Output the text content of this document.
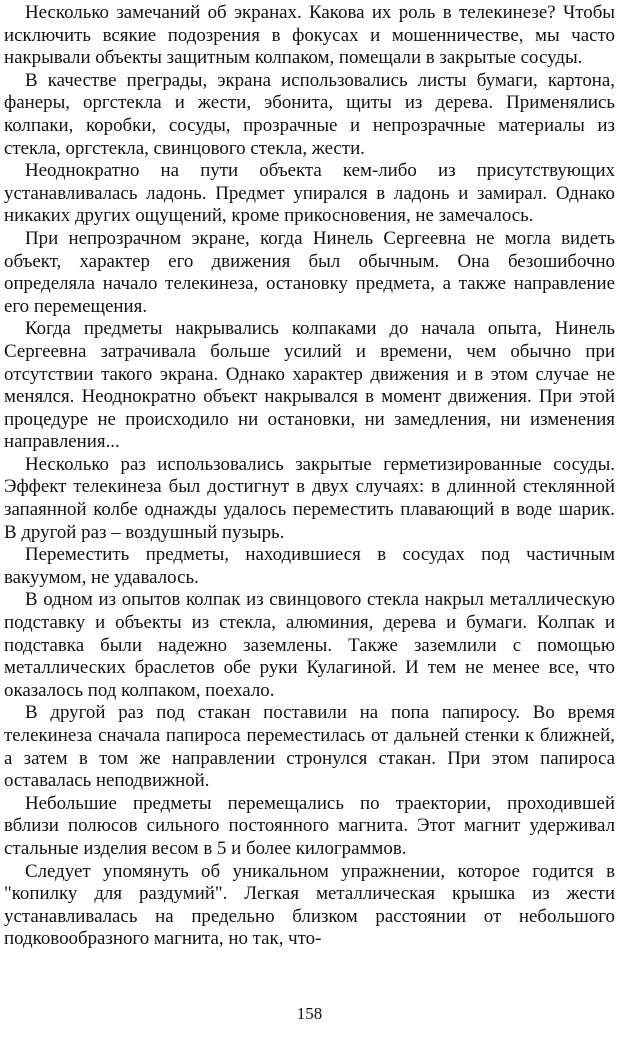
Несколько замечаний об экранах. Какова их роль в телекинезе? Чтобы исключить всякие подозрения в фокусах и мошенничестве, мы часто накрывали объекты защитным колпаком, помещали в закрытые сосуды.

В качестве преграды, экрана использовались листы бумаги, картона, фанеры, оргстекла и жести, эбонита, щиты из дерева. Применялись колпаки, коробки, сосуды, прозрачные и непрозрачные материалы из стекла, оргстекла, свинцового стекла, жести.

Неоднократно на пути объекта кем-либо из присутствующих устанавливалась ладонь. Предмет упирался в ладонь и замирал. Однако никаких других ощущений, кроме прикосновения, не замечалось.

При непрозрачном экране, когда Нинель Сергеевна не могла видеть объект, характер его движения был обычным. Она безошибочно определяла начало телекинеза, остановку предмета, а также направление его перемещения.

Когда предметы накрывались колпаками до начала опыта, Нинель Сергеевна затрачивала больше усилий и времени, чем обычно при отсутствии такого экрана. Однако характер движения и в этом случае не менялся. Неоднократно объект накрывался в момент движения. При этой процедуре не происходило ни остановки, ни замедления, ни изменения направления...

Несколько раз использовались закрытые герметизированные сосуды. Эффект телекинеза был достигнут в двух случаях: в длинной стеклянной запаянной колбе однажды удалось переместить плавающий в воде шарик. В другой раз – воздушный пузырь.

Переместить предметы, находившиеся в сосудах под частичным вакуумом, не удавалось.

В одном из опытов колпак из свинцового стекла накрыл металлическую подставку и объекты из стекла, алюминия, дерева и бумаги. Колпак и подставка были надежно заземлены. Также заземлили с помощью металлических браслетов обе руки Кулагиной. И тем не менее все, что оказалось под колпаком, поехало.

В другой раз под стакан поставили на попа папиросу. Во время телекинеза сначала папироса переместилась от дальней стенки к ближней, а затем в том же направлении стронулся стакан. При этом папироса оставалась неподвижной.

Небольшие предметы перемещались по траектории, проходившей вблизи полюсов сильного постоянного магнита. Этот магнит удерживал стальные изделия весом в 5 и более килограммов.

Следует упомянуть об уникальном упражнении, которое годится в "копилку для раздумий". Легкая металлическая крышка из жести устанавливалась на предельно близком расстоянии от небольшого подковообразного магнита, но так, что-

158
